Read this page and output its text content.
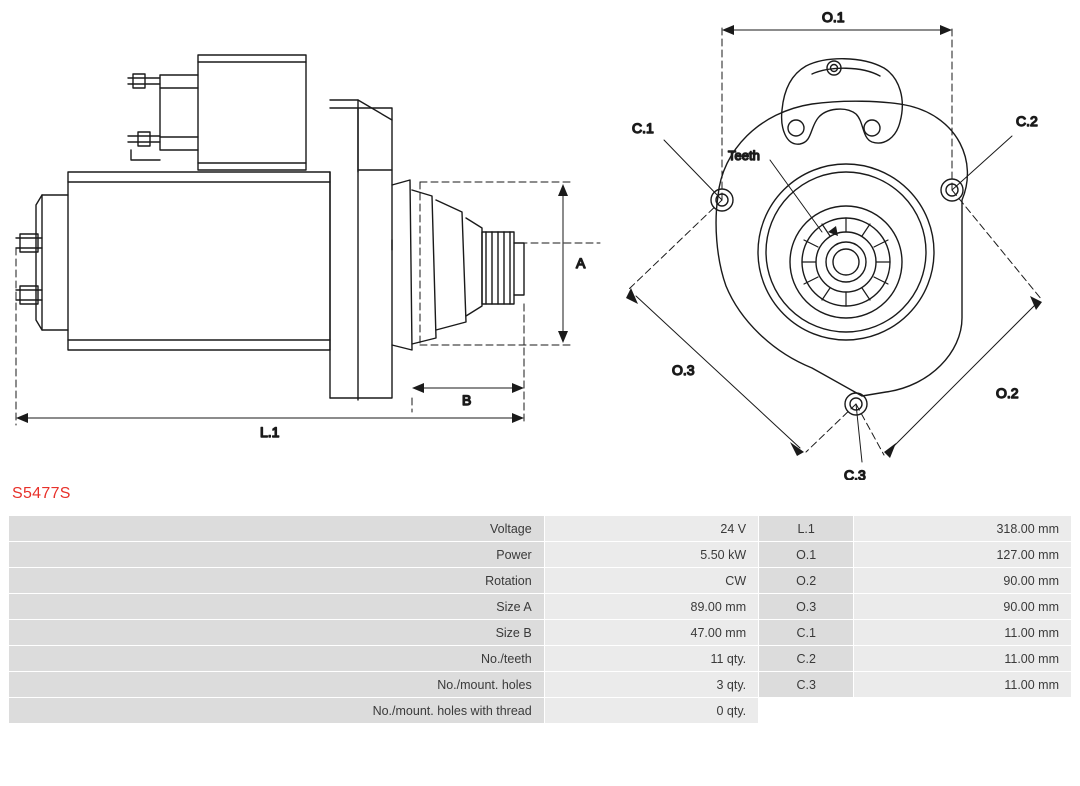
A
B
L.1
O.1
O.2
O.3
C.1	C.2
C.3
Teeth
S5477S
Voltage	24 V	L.1	318.00 mm
Power	5.50 kW	O.1	127.00 mm
Rotation	CW	O.2	90.00 mm
Size A	89.00 mm	O.3	90.00 mm
Size B	47.00 mm	C.1	11.00 mm
No./teeth	11 qty.	C.2	11.00 mm
No./mount. holes	3 qty.	C.3	11.00 mm
No./mount. holes with thread	0 qty.		
